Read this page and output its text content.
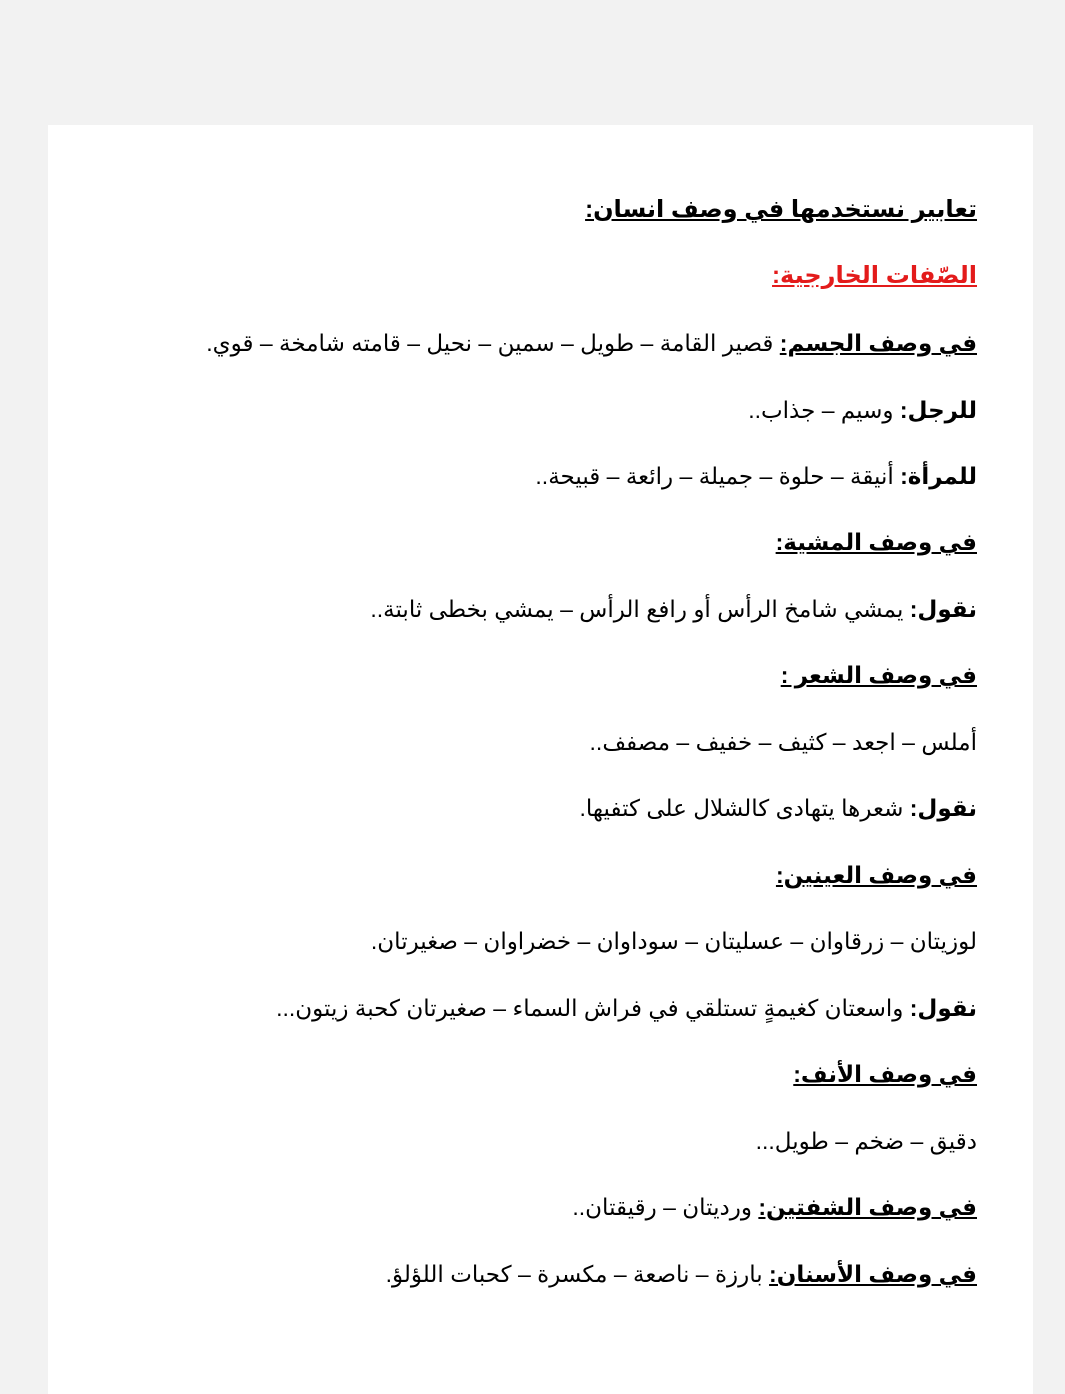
تعابير نستخدمها في وصف انسان:
الصّفات الخارجية:
في وصف الجسم: قصير القامة – طويل – سمين – نحيل – قامته شامخة – قوي.
للرجل: وسيم – جذاب..
للمرأة: أنيقة – حلوة – جميلة – رائعة – قبيحة..
في وصف المشية:
نقول: يمشي شامخ الرأس أو رافع الرأس – يمشي بخطى ثابتة..
في وصف الشعر :
أملس – اجعد – كثيف – خفيف – مصفف..
نقول: شعرها يتهادى كالشلال على كتفيها.
في وصف العينين:
لوزيتان – زرقاوان – عسليتان – سوداوان – خضراوان – صغيرتان.
نقول: واسعتان كغيمةٍ تستلقي في فراش السماء – صغيرتان كحبة زيتون...
في وصف الأنف:
دقيق – ضخم – طويل...
في وصف الشفتين: ورديتان – رقيقتان..
في وصف الأسنان: بارزة – ناصعة – مكسرة – كحبات اللؤلؤ.
